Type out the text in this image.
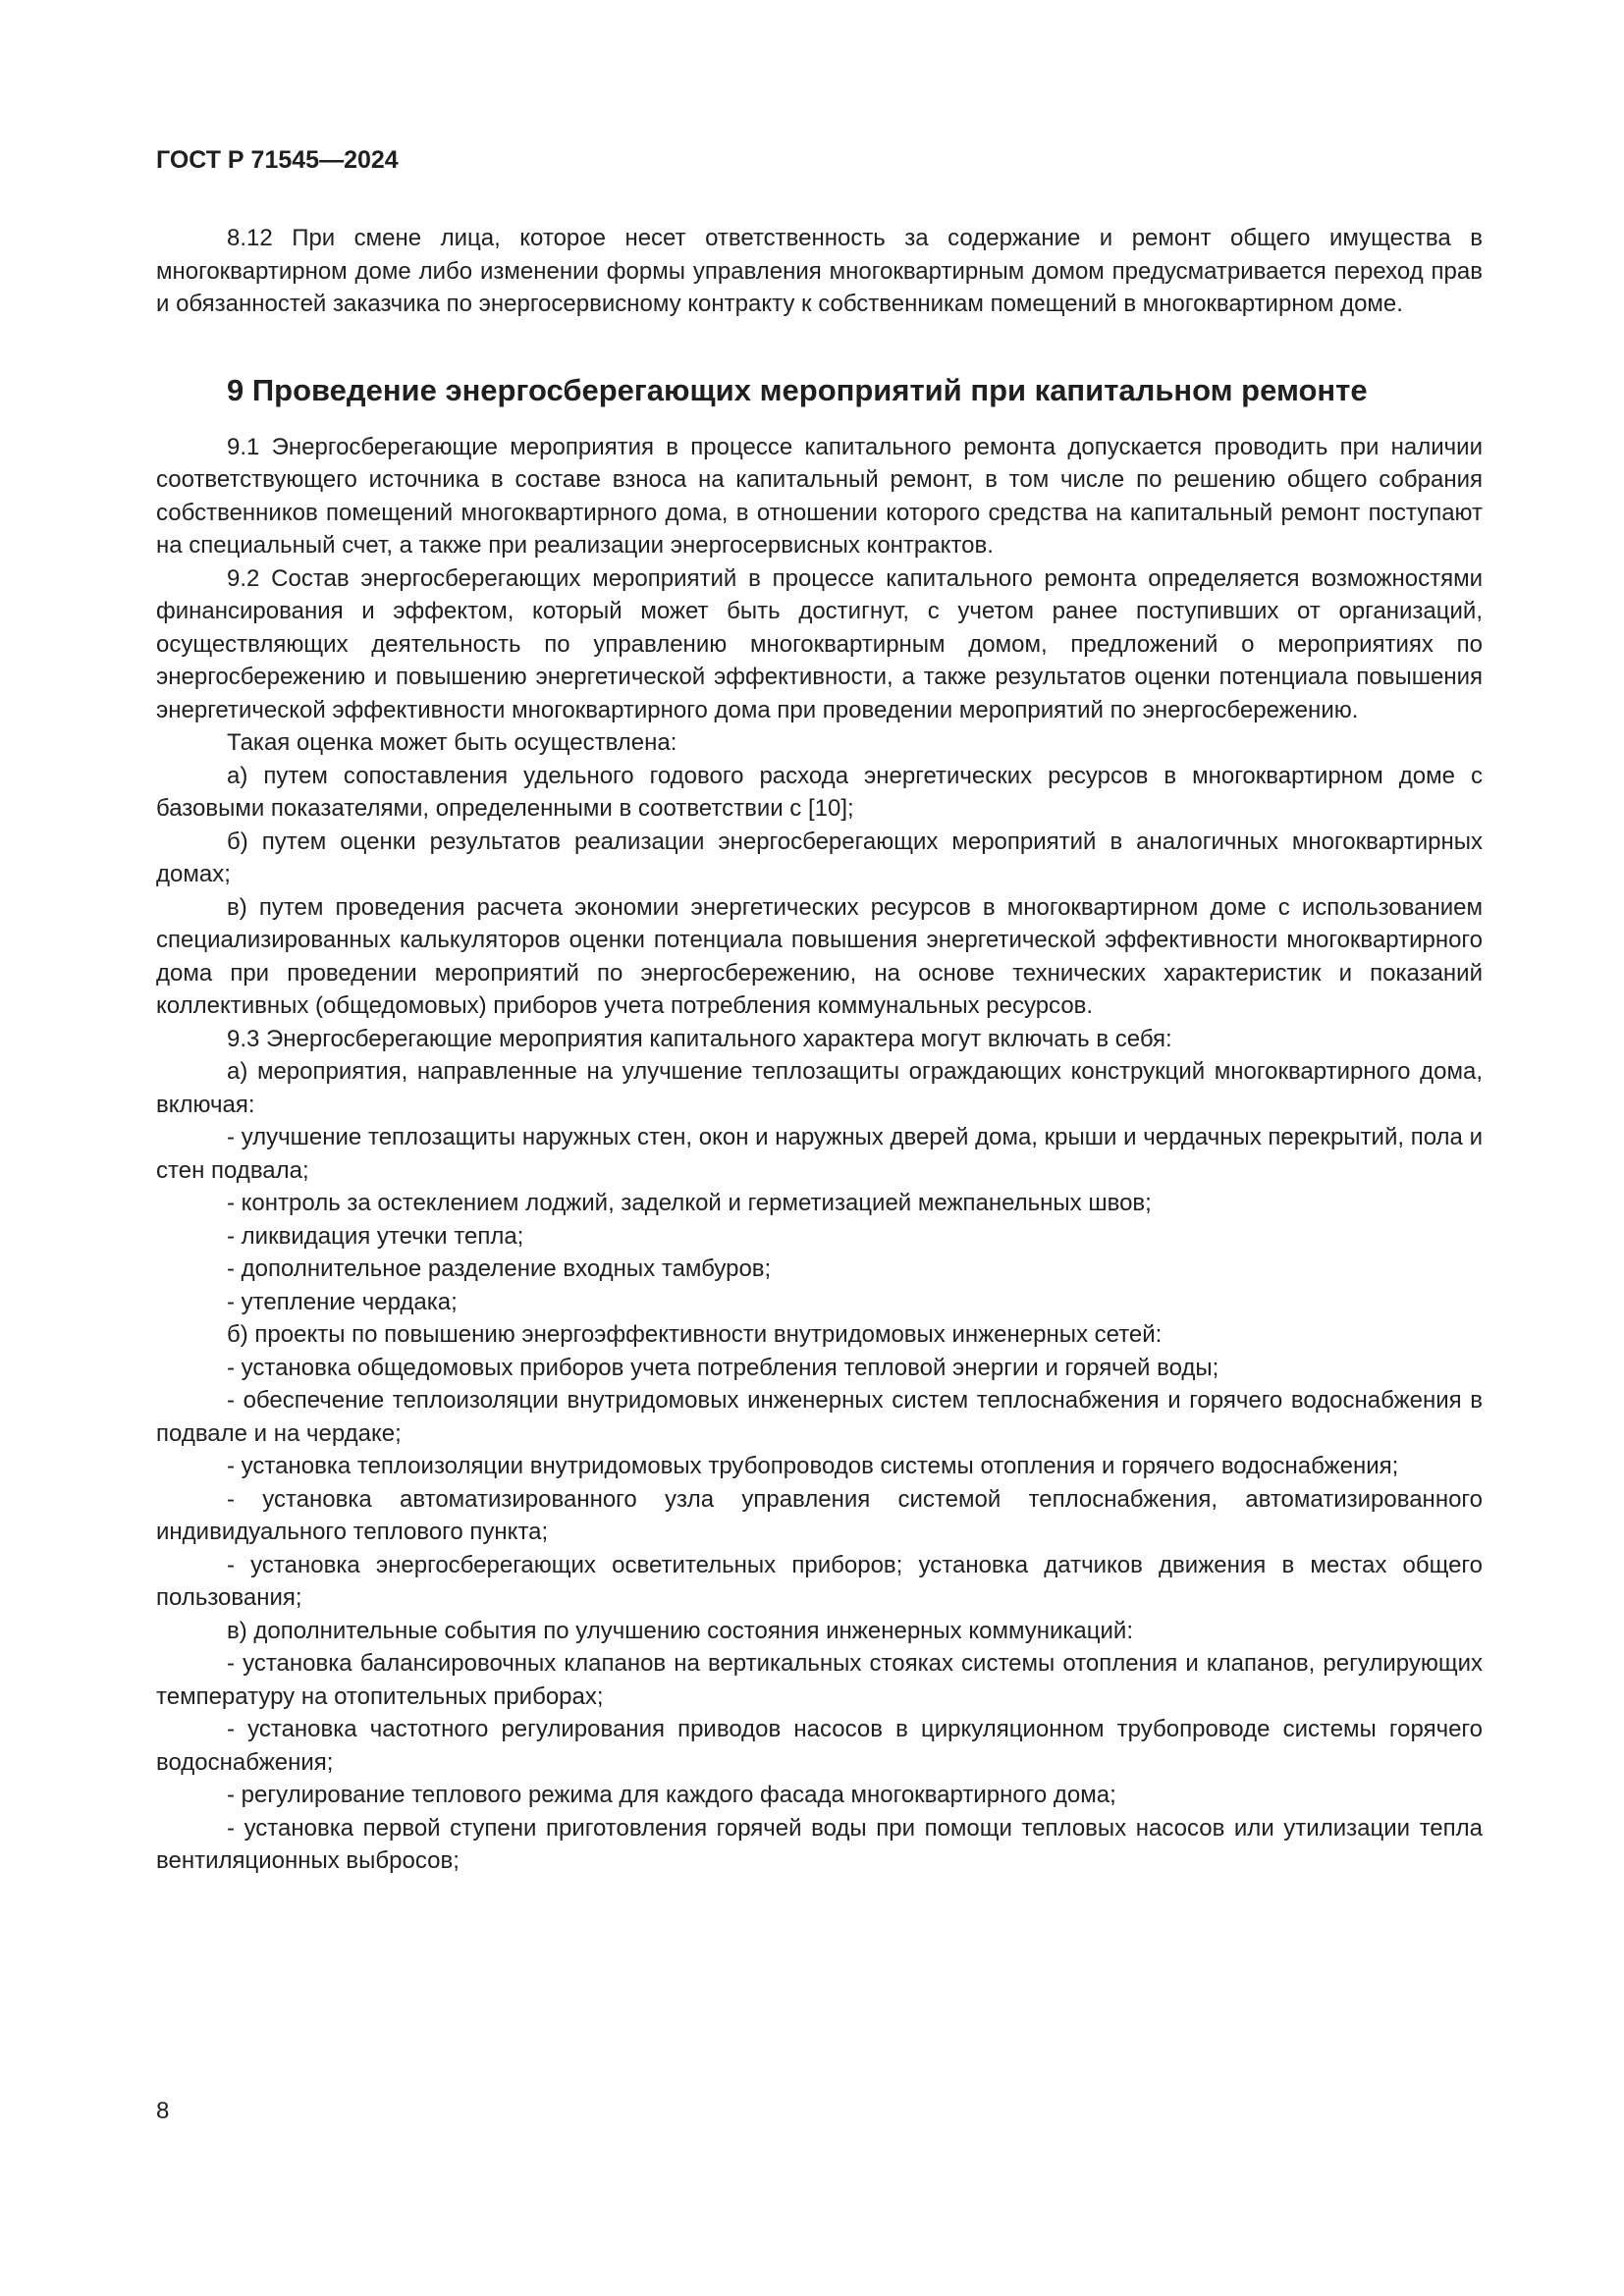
ГОСТ Р 71545—2024

8.12 При смене лица, которое несет ответственность за содержание и ремонт общего имущества в многоквартирном доме либо изменении формы управления многоквартирным домом предусматривается переход прав и обязанностей заказчика по энергосервисному контракту к собственникам помещений в многоквартирном доме.

9 Проведение энергосберегающих мероприятий при капитальном ремонте

9.1 Энергосберегающие мероприятия в процессе капитального ремонта допускается проводить при наличии соответствующего источника в составе взноса на капитальный ремонт, в том числе по решению общего собрания собственников помещений многоквартирного дома, в отношении которого средства на капитальный ремонт поступают на специальный счет, а также при реализации энергосервисных контрактов.

9.2 Состав энергосберегающих мероприятий в процессе капитального ремонта определяется возможностями финансирования и эффектом, который может быть достигнут, с учетом ранее поступивших от организаций, осуществляющих деятельность по управлению многоквартирным домом, предложений о мероприятиях по энергосбережению и повышению энергетической эффективности, а также результатов оценки потенциала повышения энергетической эффективности многоквартирного дома при проведении мероприятий по энергосбережению.

Такая оценка может быть осуществлена:

а) путем сопоставления удельного годового расхода энергетических ресурсов в многоквартирном доме с базовыми показателями, определенными в соответствии с [10];

б) путем оценки результатов реализации энергосберегающих мероприятий в аналогичных многоквартирных домах;

в) путем проведения расчета экономии энергетических ресурсов в многоквартирном доме с использованием специализированных калькуляторов оценки потенциала повышения энергетической эффективности многоквартирного дома при проведении мероприятий по энергосбережению, на основе технических характеристик и показаний коллективных (общедомовых) приборов учета потребления коммунальных ресурсов.

9.3 Энергосберегающие мероприятия капитального характера могут включать в себя:

а) мероприятия, направленные на улучшение теплозащиты ограждающих конструкций многоквартирного дома, включая:

- улучшение теплозащиты наружных стен, окон и наружных дверей дома, крыши и чердачных перекрытий, пола и стен подвала;

- контроль за остеклением лоджий, заделкой и герметизацией межпанельных швов;

- ликвидация утечки тепла;

- дополнительное разделение входных тамбуров;

- утепление чердака;

б) проекты по повышению энергоэффективности внутридомовых инженерных сетей:

- установка общедомовых приборов учета потребления тепловой энергии и горячей воды;

- обеспечение теплоизоляции внутридомовых инженерных систем теплоснабжения и горячего водоснабжения в подвале и на чердаке;

- установка теплоизоляции внутридомовых трубопроводов системы отопления и горячего водоснабжения;

- установка автоматизированного узла управления системой теплоснабжения, автоматизированного индивидуального теплового пункта;

- установка энергосберегающих осветительных приборов; установка датчиков движения в местах общего пользования;

в) дополнительные события по улучшению состояния инженерных коммуникаций:

- установка балансировочных клапанов на вертикальных стояках системы отопления и клапанов, регулирующих температуру на отопительных приборах;

- установка частотного регулирования приводов насосов в циркуляционном трубопроводе системы горячего водоснабжения;

- регулирование теплового режима для каждого фасада многоквартирного дома;

- установка первой ступени приготовления горячей воды при помощи тепловых насосов или утилизации тепла вентиляционных выбросов;

8
